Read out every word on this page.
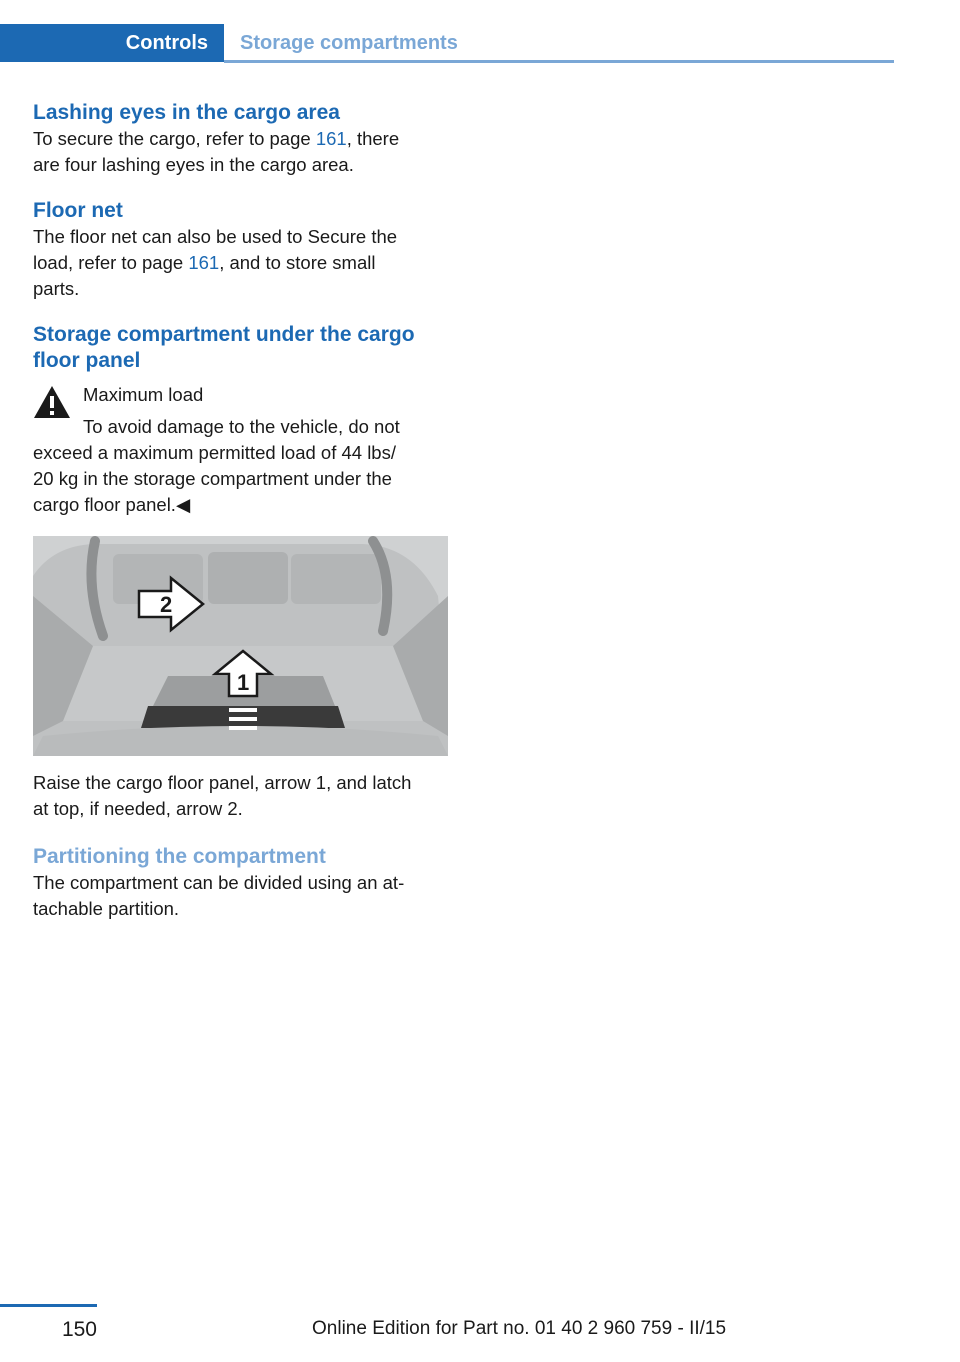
Controls	Storage compartments
Lashing eyes in the cargo area

To secure the cargo, refer to page 161, there
are four lashing eyes in the cargo area.

Floor net

The floor net can also be used to Secure the
load, refer to page 161, and to store small
parts.

Storage compartment under the cargo
floor panel

Maximum load

To avoid damage to the vehicle, do not
exceed a maximum permitted load of 44 lbs/
20 kg in the storage compartment under the
cargo floor panel.◀

2
1

Raise the cargo floor panel, arrow 1, and latch
at top, if needed, arrow 2.

Partitioning the compartment

The compartment can be divided using an at-
tachable partition.

150	Online Edition for Part no. 01 40 2 960 759 - II/15
